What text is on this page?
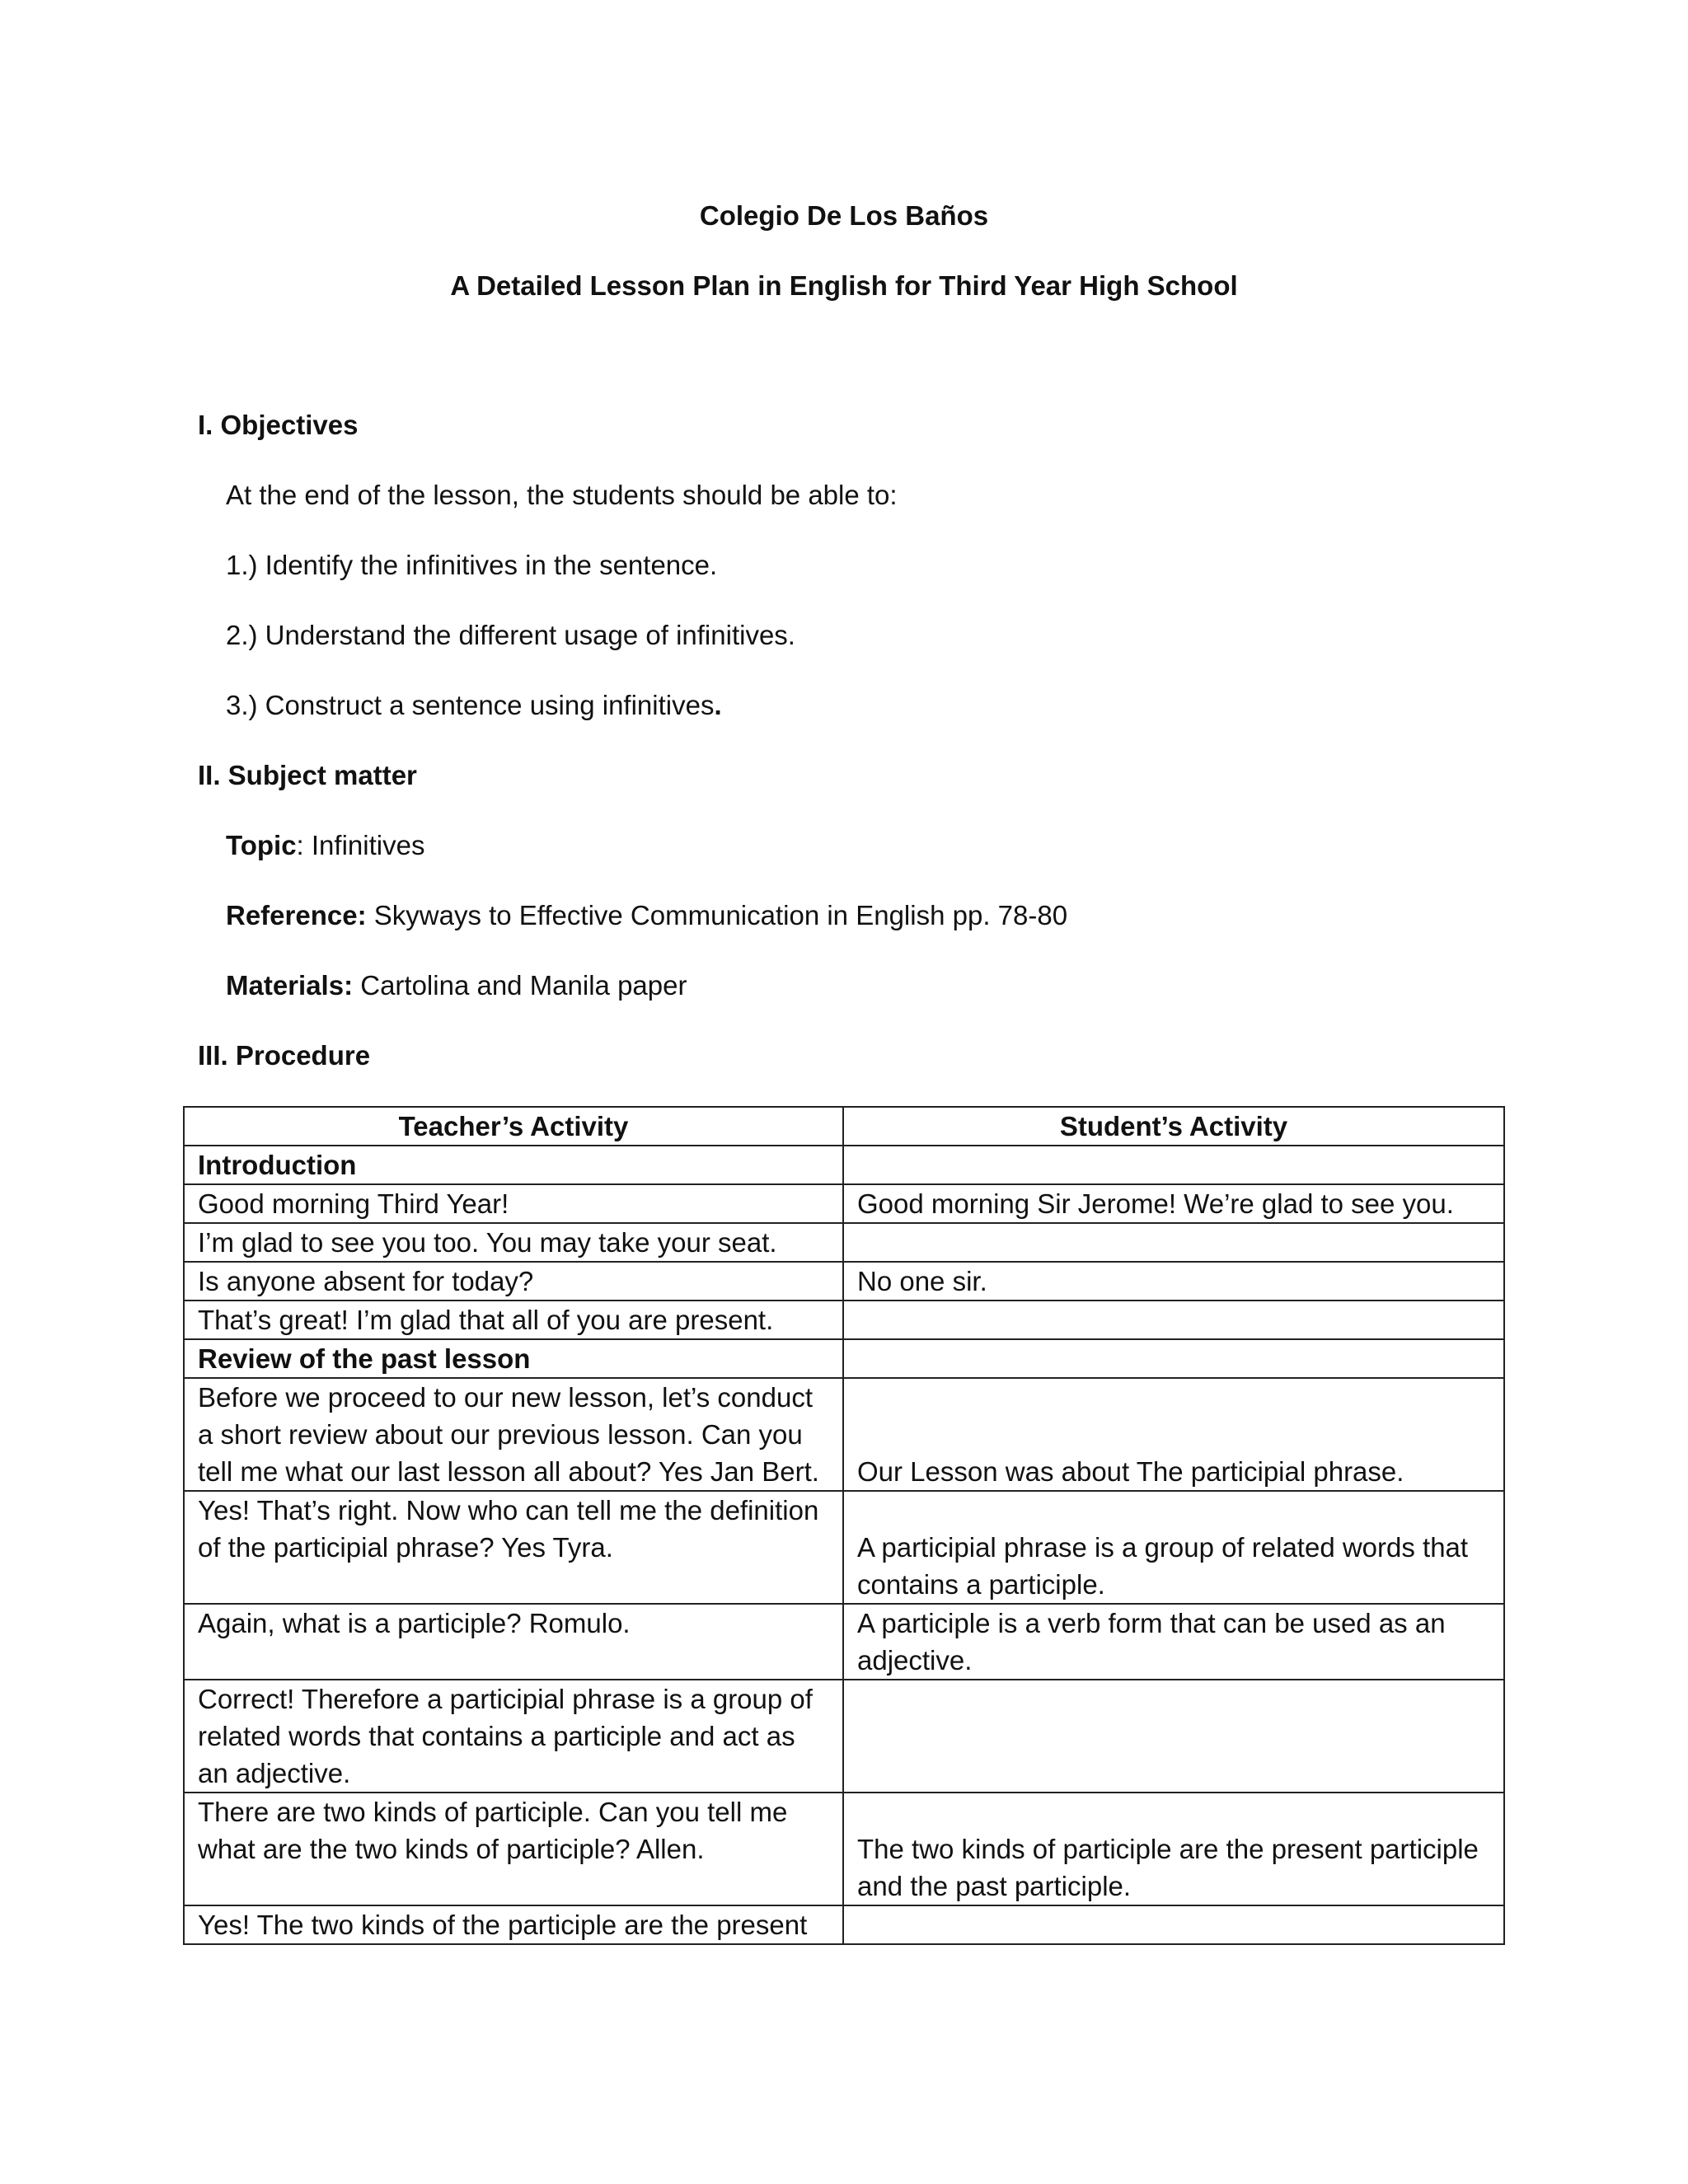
Colegio De Los Baños
A Detailed Lesson Plan in English for Third Year High School
I. Objectives
At the end of the lesson, the students should be able to:
1.) Identify the infinitives in the sentence.
2.) Understand the different usage of infinitives.
3.) Construct a sentence using infinitives.
II. Subject matter
Topic: Infinitives
Reference: Skyways to Effective Communication in English pp. 78-80
Materials: Cartolina and Manila paper
III. Procedure
Teacher’s Activity	Student’s Activity
Introduction	
Good morning Third Year!	Good morning Sir Jerome! We’re glad to see you.
I’m glad to see you too. You may take your seat.	
Is anyone absent for today?	No one sir.
That’s great! I’m glad that all of you are present.	
Review of the past lesson	
Before we proceed to our new lesson, let’s conduct a short review about our previous lesson. Can you tell me what our last lesson all about? Yes Jan Bert.	Our Lesson was about The participial phrase.
Yes! That’s right. Now who can tell me the definition of the participial phrase? Yes Tyra.	A participial phrase is a group of related words that contains a participle.
Again, what is a participle? Romulo.	A participle is a verb form that can be used as an adjective.
Correct! Therefore a participial phrase is a group of related words that contains a participle and act as an adjective.	
There are two kinds of participle. Can you tell me what are the two kinds of participle? Allen.	The two kinds of participle are the present participle and the past participle.
Yes! The two kinds of the participle are the present	
